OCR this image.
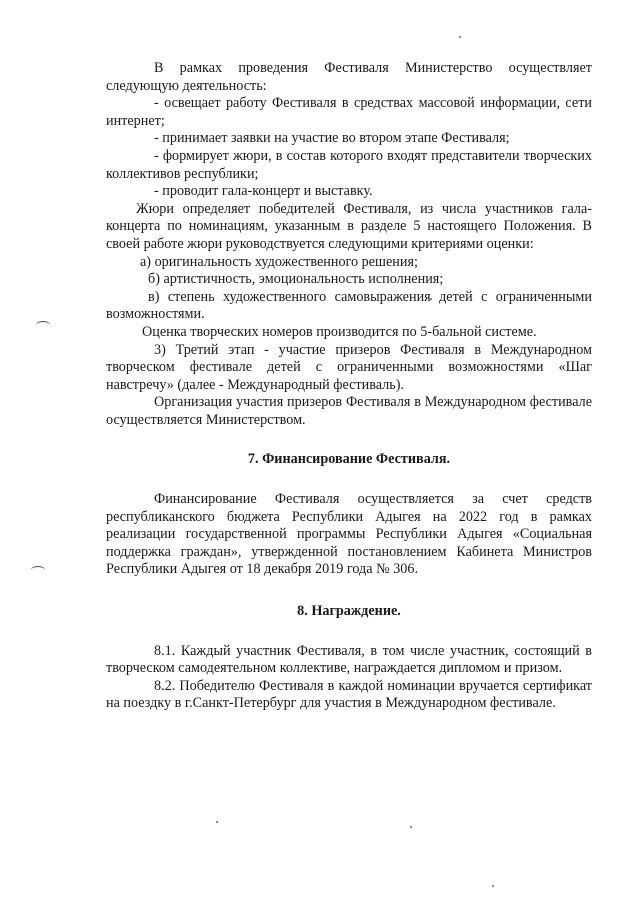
В рамках проведения Фестиваля Министерство осуществляет следующую деятельность:

- освещает работу Фестиваля в средствах массовой информации, сети интернет;

- принимает заявки на участие во втором этапе Фестиваля;

- формирует жюри, в состав которого входят представители творческих коллективов республики;

- проводит гала-концерт и выставку.

Жюри определяет победителей Фестиваля, из числа участников гала-концерта по номинациям, указанным в разделе 5 настоящего Положения. В своей работе жюри руководствуется следующими критериями оценки:

а) оригинальность художественного решения;

б) артистичность, эмоциональность исполнения;

в) степень художественного самовыражения детей с ограниченными возможностями.

Оценка творческих номеров производится по 5-бальной системе.

3) Третий этап - участие призеров Фестиваля в Международном творческом фестивале детей с ограниченными возможностями «Шаг навстречу» (далее - Международный фестиваль).

Организация участия призеров Фестиваля в Международном фестивале осуществляется Министерством.

7. Финансирование Фестиваля.

Финансирование Фестиваля осуществляется за счет средств республиканского бюджета Республики Адыгея на 2022 год в рамках реализации государственной программы Республики Адыгея «Социальная поддержка граждан», утвержденной постановлением Кабинета Министров Республики Адыгея от 18 декабря 2019 года № 306.

8. Награждение.

8.1. Каждый участник Фестиваля, в том числе участник, состоящий в творческом самодеятельном коллективе, награждается дипломом и призом.

8.2. Победителю Фестиваля в каждой номинации вручается сертификат на поездку в г.Санкт-Петербург для участия в Международном фестивале.
